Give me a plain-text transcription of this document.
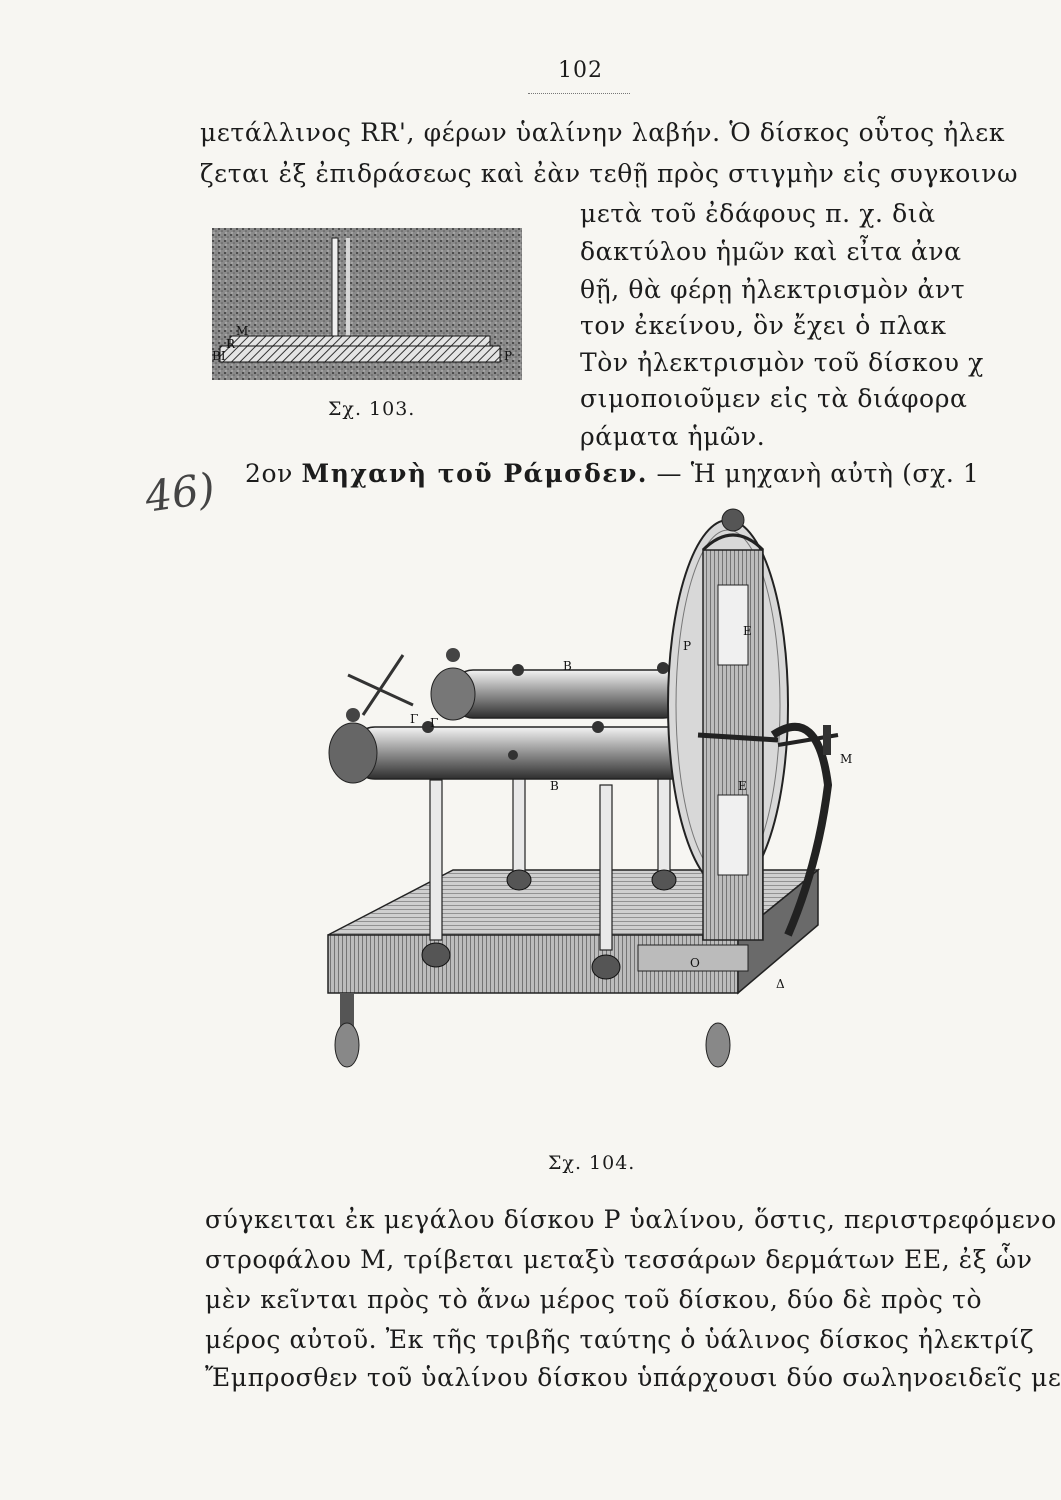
102
46)
μετάλλινος RR', φέρων ὑαλίνην λαβήν. Ὁ δίσκος οὗτος ἠλεκ
ζεται ἐξ ἐπιδράσεως καὶ ἐὰν τεθῇ πρὸς στιγμὴν εἰς συγκοινω
M
R
BI	P
Σχ. 103.
μετὰ τοῦ ἐδάφους π. χ. διὰ
δακτύλου ἡμῶν καὶ εἶτα ἀνα
θῇ, θὰ φέρῃ ἠλεκτρισμὸν ἀντ
τον ἐκείνου, ὃν ἔχει ὁ πλακ
Τὸν ἠλεκτρισμὸν τοῦ δίσκου χ
σιμοποιοῦμεν εἰς τὰ διάφορα
ράματα ἡμῶν.
2ον Μηχανὴ τοῦ Ράμσδεν. — Ἡ μηχανὴ αὐτὴ (σχ. 1
P
B
Γ Γ
B
E
E
M
O
Δ
Σχ. 104.
σύγκειται ἐκ μεγάλου δίσκου P ὑαλίνου, ὅστις, περιστρεφόμενο
στροφάλου M, τρίβεται μεταξὺ τεσσάρων δερμάτων EE, ἐξ ὧν
μὲν κεῖνται πρὸς τὸ ἄνω μέρος τοῦ δίσκου, δύο δὲ πρὸς τὸ
μέρος αὐτοῦ. Ἐκ τῆς τριβῆς ταύτης ὁ ὑάλινος δίσκος ἠλεκτρίζ
Ἔμπροσθεν τοῦ ὑαλίνου δίσκου ὑπάρχουσι δύο σωληνοειδεῖς με
